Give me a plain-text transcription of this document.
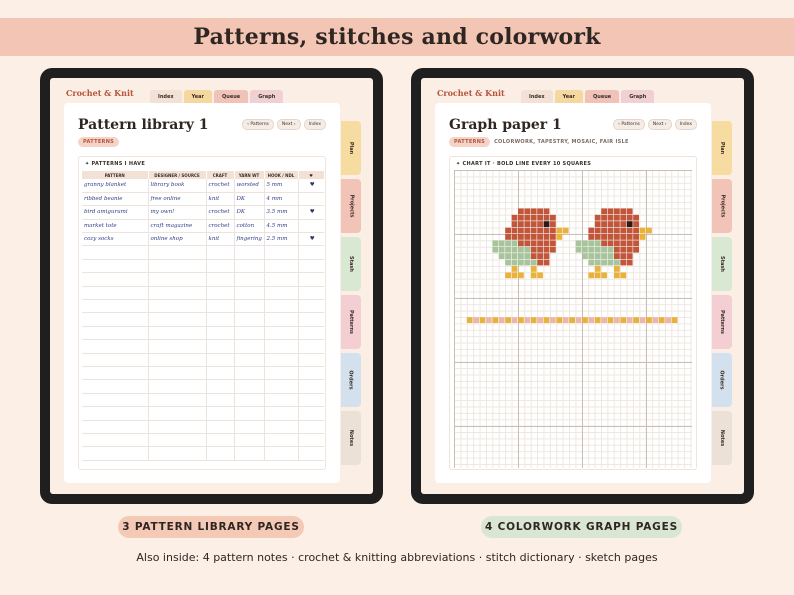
Patterns, stitches and colorwork
Crochet & Knit	Index	Year	Queue	Graph
Pattern library 1
PATTERNS
‹ Patterns	Next ›	Index
✦ PATTERNS I HAVE
PATTERN	DESIGNER / SOURCE	CRAFT	YARN WT	HOOK / NDL	♥
granny blanket	library book	crochet	worsted	5 mm	♥
ribbed beanie	free online	knit	DK	4 mm	
bird amigurumi	my own!	crochet	DK	3.5 mm	♥
market tote	craft magazine	crochet	cotton	4.5 mm	
cozy socks	online shop	knit	fingering	2.5 mm	♥

Plan
Projects
Stash
Patterns
Orders
Notes
Crochet & Knit	Index	Year	Queue	Graph
Graph paper 1
PATTERNS	COLORWORK, TAPESTRY, MOSAIC, FAIR ISLE
‹ Patterns	Next ›	Index
✦ CHART IT · BOLD LINE EVERY 10 SQUARES
Plan
Projects
Stash
Patterns
Orders
Notes
3 PATTERN LIBRARY PAGES	4 COLORWORK GRAPH PAGES
Also inside: 4 pattern notes · crochet & knitting abbreviations · stitch dictionary · sketch pages
